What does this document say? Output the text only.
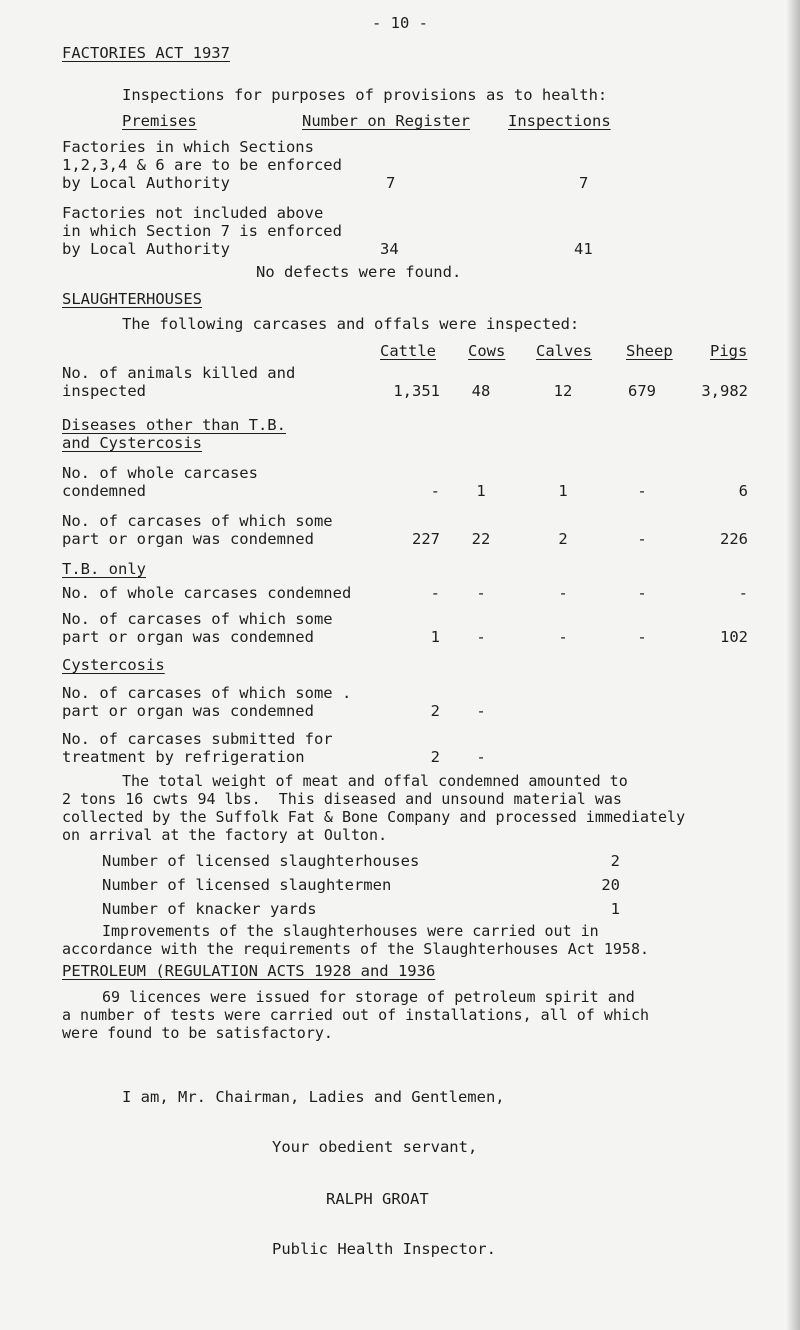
- 10 -
FACTORIES ACT 1937
Inspections for purposes of provisions as to health:
Premises	Number on Register Inspections
Factories in which Sections
1,2,3,4 & 6 are to be enforced
by Local Authority	7	7
Factories not included above
in which Section 7 is enforced
by Local Authority	34	41
No defects were found.
SLAUGHTERHOUSES
The following carcases and offals were inspected:
Cattle Cows Calves Sheep Pigs
No. of animals killed and
inspected	1,351	48	12	679	3,982
Diseases other than T.B.
and Cystercosis
No. of whole carcases
condemned	-	1	1	-	6
No. of carcases of which some
part or organ was condemned	227	22	2	-	226
T.B. only
No. of whole carcases condemned	-	-	-	-	-
No. of carcases of which some
part or organ was condemned	1	-	-	-	102
Cystercosis
No. of carcases of which some .
part or organ was condemned	2	-
No. of carcases submitted for
treatment by refrigeration	2	-
The total weight of meat and offal condemned amounted to
2 tons 16 cwts 94 lbs.  This diseased and unsound material was
collected by the Suffolk Fat & Bone Company and processed immediately
on arrival at the factory at Oulton.
Number of licensed slaughterhouses	2
Number of licensed slaughtermen	20
Number of knacker yards	1
Improvements of the slaughterhouses were carried out in
accordance with the requirements of the Slaughterhouses Act 1958.
PETROLEUM (REGULATION ACTS 1928 and 1936
69 licences were issued for storage of petroleum spirit and
a number of tests were carried out of installations, all of which
were found to be satisfactory.
I am, Mr. Chairman, Ladies and Gentlemen,
Your obedient servant,
RALPH GROAT
Public Health Inspector.
